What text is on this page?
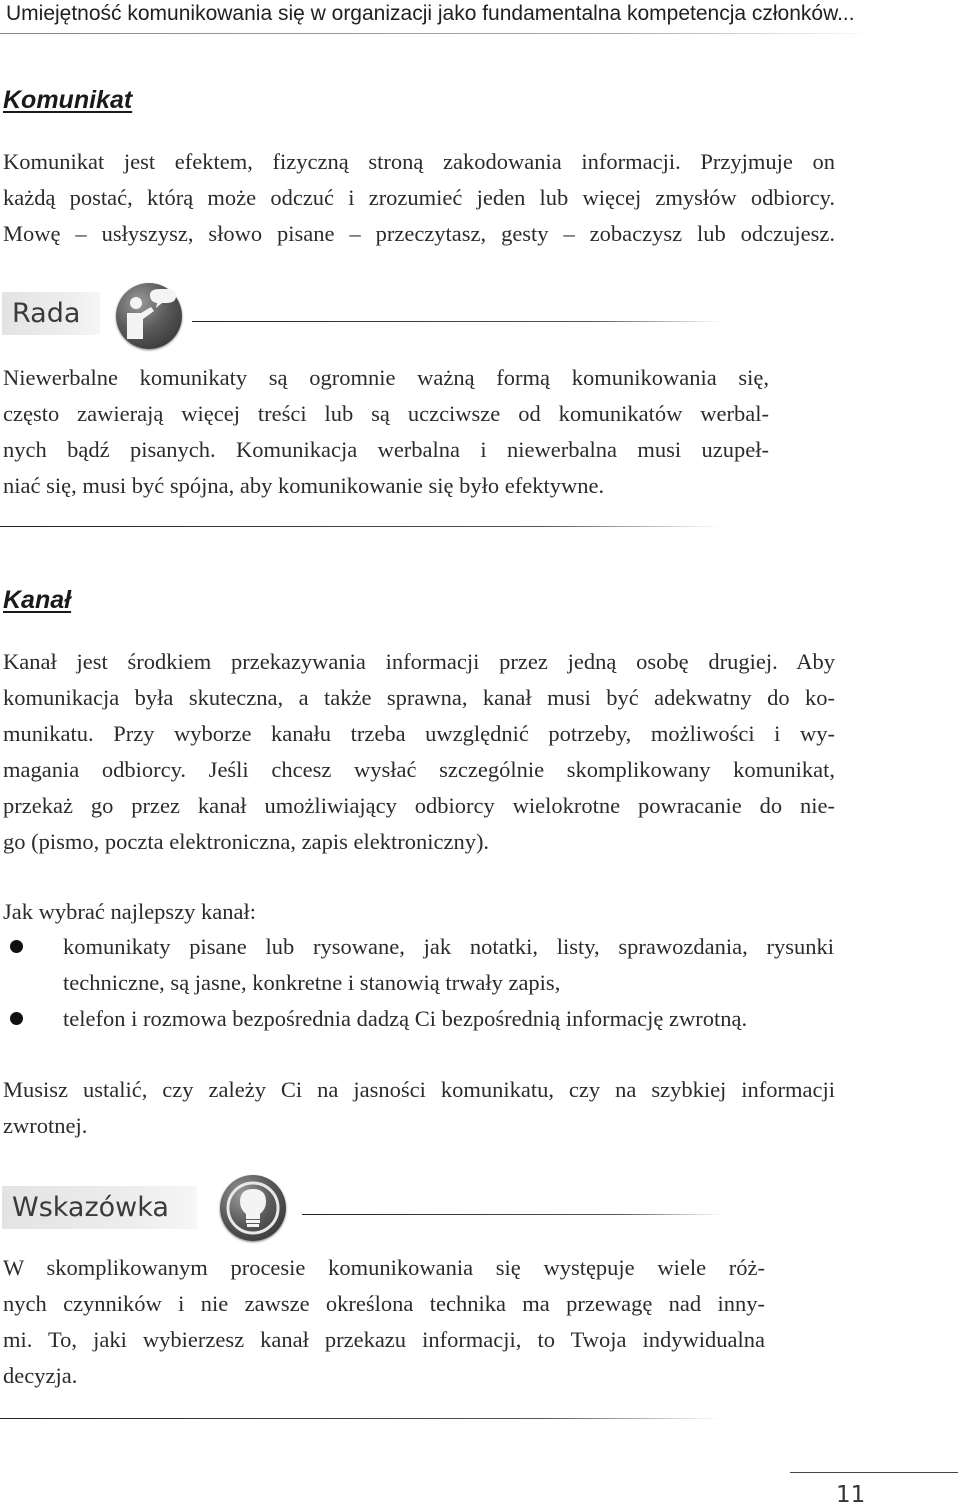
Umiejętność komunikowania się w organizacji jako fundamentalna kompetencja członków...
Komunikat
Komunikat jest efektem, fizyczną stroną zakodowania informacji. Przyjmuje on
każdą postać, którą może odczuć i zrozumieć jeden lub więcej zmysłów odbiorcy.
Mowę – usłyszysz, słowo pisane – przeczytasz, gesty – zobaczysz lub odczujesz.
Rada
Niewerbalne komunikaty są ogromnie ważną formą komunikowania się,
często zawierają więcej treści lub są uczciwsze od komunikatów werbal-
nych bądź pisanych. Komunikacja werbalna i niewerbalna musi uzupeł-
niać się, musi być spójna, aby komunikowanie się było efektywne.
Kanał
Kanał jest środkiem przekazywania informacji przez jedną osobę drugiej. Aby
komunikacja była skuteczna, a także sprawna, kanał musi być adekwatny do ko-
munikatu. Przy wyborze kanału trzeba uwzględnić potrzeby, możliwości i wy-
magania odbiorcy. Jeśli chcesz wysłać szczególnie skomplikowany komunikat,
przekaż go przez kanał umożliwiający odbiorcy wielokrotne powracanie do nie-
go (pismo, poczta elektroniczna, zapis elektroniczny).
Jak wybrać najlepszy kanał:
komunikaty pisane lub rysowane, jak notatki, listy, sprawozdania, rysunki
techniczne, są jasne, konkretne i stanowią trwały zapis,
telefon i rozmowa bezpośrednia dadzą Ci bezpośrednią informację zwrotną.
Musisz ustalić, czy zależy Ci na jasności komunikatu, czy na szybkiej informacji
zwrotnej.
Wskazówka
W skomplikowanym procesie komunikowania się występuje wiele róż-
nych czynników i nie zawsze określona technika ma przewagę nad inny-
mi. To, jaki wybierzesz kanał przekazu informacji, to Twoja indywidualna
decyzja.
11
